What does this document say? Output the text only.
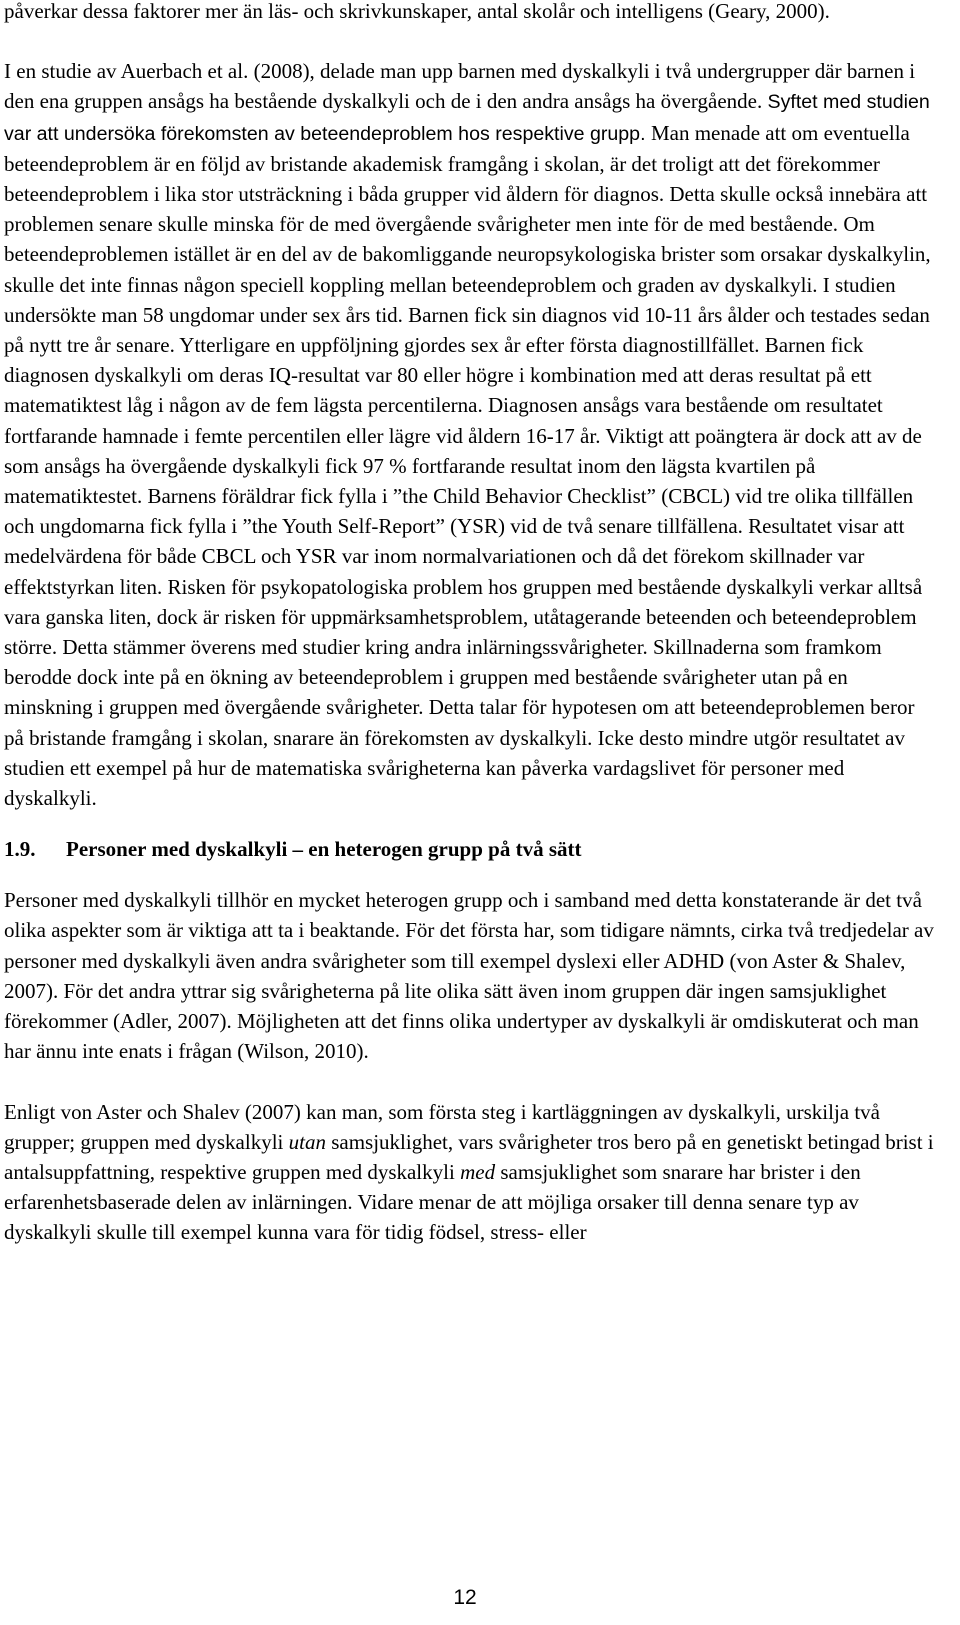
påverkar dessa faktorer mer än läs- och skrivkunskaper, antal skolår och intelligens (Geary, 2000).

I en studie av Auerbach et al. (2008), delade man upp barnen med dyskalkyli i två undergrupper där barnen i den ena gruppen ansågs ha bestående dyskalkyli och de i den andra ansågs ha övergående. Syftet med studien var att undersöka förekomsten av beteendeproblem hos respektive grupp. Man menade att om eventuella beteendeproblem är en följd av bristande akademisk framgång i skolan, är det troligt att det förekommer beteendeproblem i lika stor utsträckning i båda grupper vid åldern för diagnos. Detta skulle också innebära att problemen senare skulle minska för de med övergående svårigheter men inte för de med bestående. Om beteendeproblemen istället är en del av de bakomliggande neuropsykologiska brister som orsakar dyskalkylin, skulle det inte finnas någon speciell koppling mellan beteendeproblem och graden av dyskalkyli. I studien undersökte man 58 ungdomar under sex års tid. Barnen fick sin diagnos vid 10-11 års ålder och testades sedan på nytt tre år senare. Ytterligare en uppföljning gjordes sex år efter första diagnostillfället. Barnen fick diagnosen dyskalkyli om deras IQ-resultat var 80 eller högre i kombination med att deras resultat på ett matematiktest låg i någon av de fem lägsta percentilerna. Diagnosen ansågs vara bestående om resultatet fortfarande hamnade i femte percentilen eller lägre vid åldern 16-17 år. Viktigt att poängtera är dock att av de som ansågs ha övergående dyskalkyli fick 97 % fortfarande resultat inom den lägsta kvartilen på matematiktestet. Barnens föräldrar fick fylla i ”the Child Behavior Checklist” (CBCL) vid tre olika tillfällen och ungdomarna fick fylla i ”the Youth Self-Report” (YSR) vid de två senare tillfällena. Resultatet visar att medelvärdena för både CBCL och YSR var inom normalvariationen och då det förekom skillnader var effektstyrkan liten. Risken för psykopatologiska problem hos gruppen med bestående dyskalkyli verkar alltså vara ganska liten, dock är risken för uppmärksamhetsproblem, utåtagerande beteenden och beteendeproblem större. Detta stämmer överens med studier kring andra inlärningssvårigheter. Skillnaderna som framkom berodde dock inte på en ökning av beteendeproblem i gruppen med bestående svårigheter utan på en minskning i gruppen med övergående svårigheter. Detta talar för hypotesen om att beteendeproblemen beror på bristande framgång i skolan, snarare än förekomsten av dyskalkyli. Icke desto mindre utgör resultatet av studien ett exempel på hur de matematiska svårigheterna kan påverka vardagslivet för personer med dyskalkyli.

1.9.	Personer med dyskalkyli – en heterogen grupp på två sätt

Personer med dyskalkyli tillhör en mycket heterogen grupp och i samband med detta konstaterande är det två olika aspekter som är viktiga att ta i beaktande. För det första har, som tidigare nämnts, cirka två tredjedelar av personer med dyskalkyli även andra svårigheter som till exempel dyslexi eller ADHD (von Aster & Shalev, 2007). För det andra yttrar sig svårigheterna på lite olika sätt även inom gruppen där ingen samsjuklighet förekommer (Adler, 2007). Möjligheten att det finns olika undertyper av dyskalkyli är omdiskuterat och man har ännu inte enats i frågan (Wilson, 2010).

Enligt von Aster och Shalev (2007) kan man, som första steg i kartläggningen av dyskalkyli, urskilja två grupper; gruppen med dyskalkyli utan samsjuklighet, vars svårigheter tros bero på en genetiskt betingad brist i antalsuppfattning, respektive gruppen med dyskalkyli med samsjuklighet som snarare har brister i den erfarenhetsbaserade delen av inlärningen. Vidare menar de att möjliga orsaker till denna senare typ av dyskalkyli skulle till exempel kunna vara för tidig födsel, stress- eller

12
